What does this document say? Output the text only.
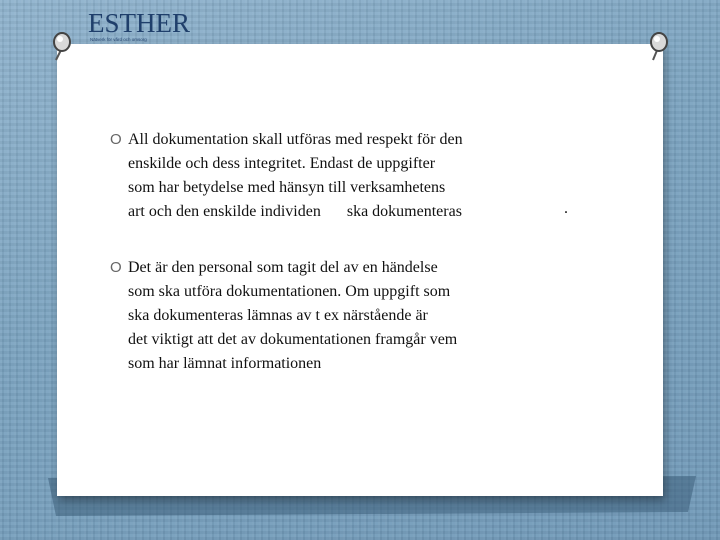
ESTHER
Nätverk för vård och omsorg
O All dokumentation skall utföras med respekt för den
enskilde och dess integritet. Endast de uppgifter
som har betydelse med hänsyn till verksamhetens
art och den enskilde individen ska dokumenteras	.
O Det är den personal som tagit del av en händelse
som ska utföra dokumentationen. Om uppgift som
ska dokumenteras lämnas av t ex närstående är
det viktigt att det av dokumentationen framgår vem
som har lämnat informationen
